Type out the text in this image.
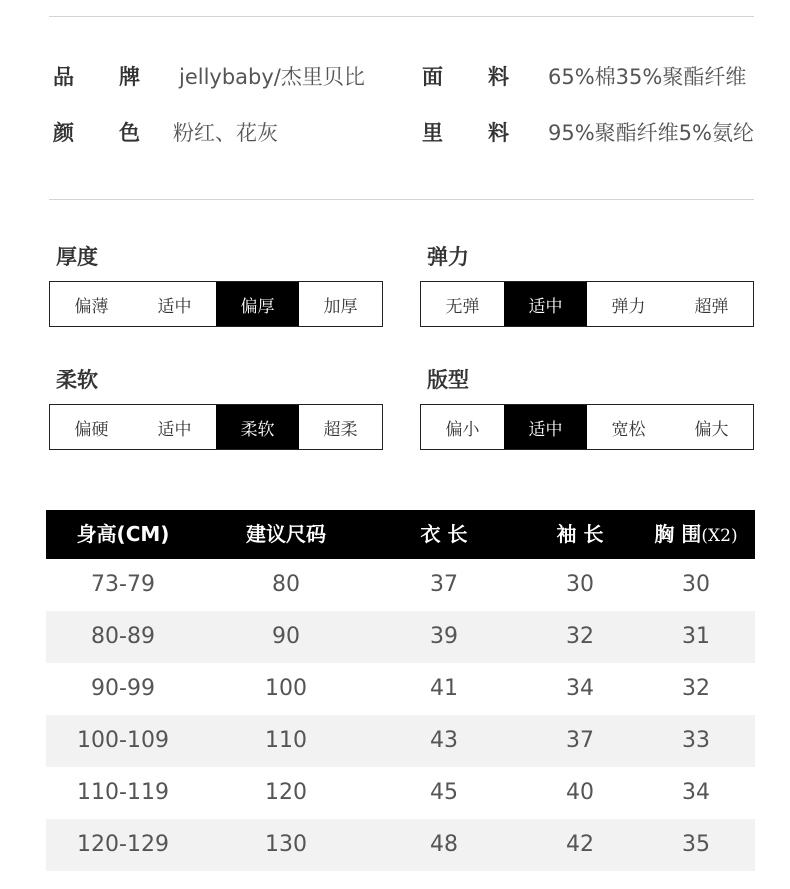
品 牌 jellybaby/杰里贝比	面 料 65%棉35%聚酯纤维
颜 色 粉红、花灰	里 料 95%聚酯纤维5%氨纶
厚度
偏薄	适中	偏厚	加厚
弹力
无弹	适中	弹力	超弹
柔软
偏硬	适中	柔软	超柔
版型
偏小	适中	宽松	偏大
身高(CM)	建议尺码	衣 长	袖 长	胸 围(X2)
73-79	80	37	30	30
80-89	90	39	32	31
90-99	100	41	34	32
100-109	110	43	37	33
110-119	120	45	40	34
120-129	130	48	42	35
